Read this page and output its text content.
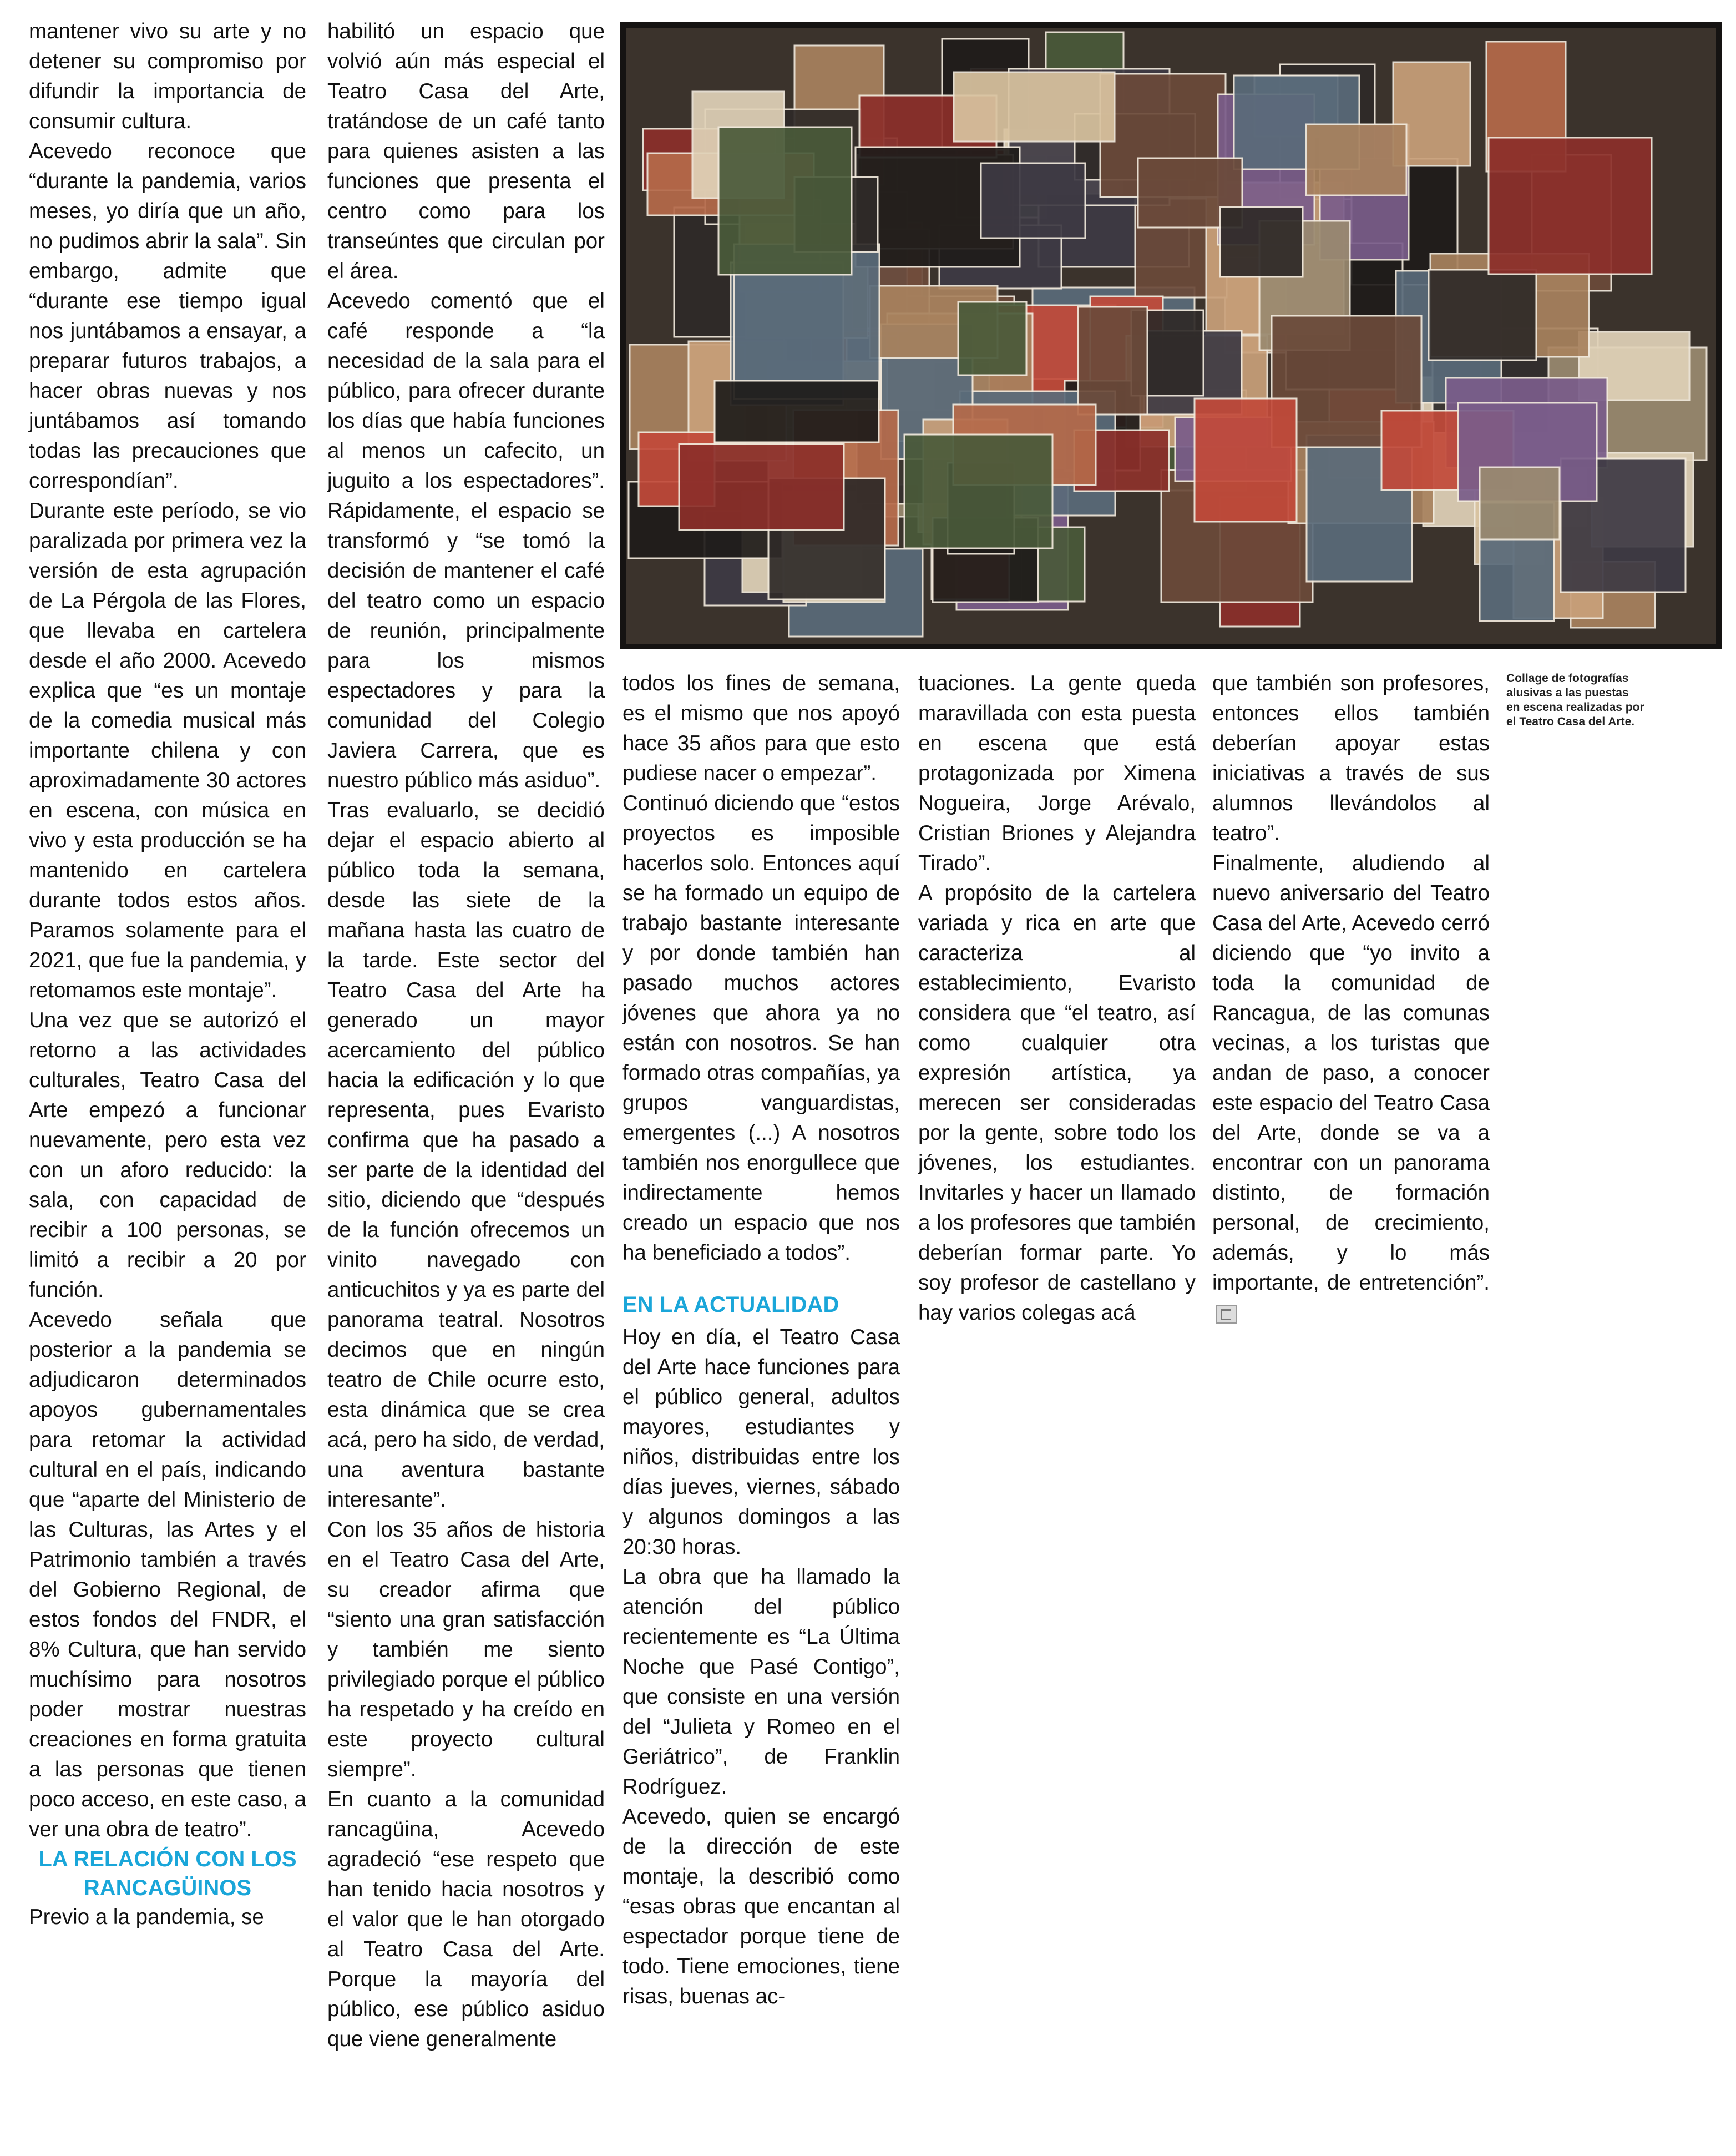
mantener vivo su arte y no detener su compromiso por difundir la importancia de consumir cultura.

Acevedo reconoce que “durante la pandemia, varios meses, yo diría que un año, no pudimos abrir la sala”. Sin embargo, admite que “durante ese tiempo igual nos juntábamos a ensayar, a preparar futuros trabajos, a hacer obras nuevas y nos juntábamos así tomando todas las precauciones que correspondían”.

Durante este período, se vio paralizada por primera vez la versión de esta agrupación de La Pérgola de las Flores, que llevaba en cartelera desde el año 2000. Acevedo explica que “es un montaje de la comedia musical más importante chilena y con aproximadamente 30 actores en escena, con música en vivo y esta producción se ha mantenido en cartelera durante todos estos años. Paramos solamente para el 2021, que fue la pandemia, y retomamos este montaje”.

Una vez que se autorizó el retorno a las actividades culturales, Teatro Casa del Arte empezó a funcionar nuevamente, pero esta vez con un aforo reducido: la sala, con capacidad de recibir a 100 personas, se limitó a recibir a 20 por función.

Acevedo señala que posterior a la pandemia se adjudicaron determinados apoyos gubernamentales para retomar la actividad cultural en el país, indicando que “aparte del Ministerio de las Culturas, las Artes y el Patrimonio también a través del Gobierno Regional, de estos fondos del FNDR, el 8% Cultura, que han servido muchísimo para nosotros poder mostrar nuestras creaciones en forma gratuita a las personas que tienen poco acceso, en este caso, a ver una obra de teatro”.

LA RELACIÓN CON LOS RANCAGÜINOS

Previo a la pandemia, se

habilitó un espacio que volvió aún más especial el Teatro Casa del Arte, tratándose de un café tanto para quienes asisten a las funciones que presenta el centro como para los transeúntes que circulan por el área.

Acevedo comentó que el café responde a “la necesidad de la sala para el público, para ofrecer durante los días que había funciones al menos un cafecito, un juguito a los espectadores”. Rápidamente, el espacio se transformó y “se tomó la decisión de mantener el café del teatro como un espacio de reunión, principalmente para los mismos espectadores y para la comunidad del Colegio Javiera Carrera, que es nuestro público más asiduo”.

Tras evaluarlo, se decidió dejar el espacio abierto al público toda la semana, desde las siete de la mañana hasta las cuatro de la tarde. Este sector del Teatro Casa del Arte ha generado un mayor acercamiento del público hacia la edificación y lo que representa, pues Evaristo confirma que ha pasado a ser parte de la identidad del sitio, diciendo que “después de la función ofrecemos un vinito navegado con anticuchitos y ya es parte del panorama teatral. Nosotros decimos que en ningún teatro de Chile ocurre esto, esta dinámica que se crea acá, pero ha sido, de verdad, una aventura bastante interesante”.

Con los 35 años de historia en el Teatro Casa del Arte, su creador afirma que “siento una gran satisfacción y también me siento privilegiado porque el público ha respetado y ha creído en este proyecto cultural siempre”.

En cuanto a la comunidad rancagüina, Acevedo agradeció “ese respeto que han tenido hacia nosotros y el valor que le han otorgado al Teatro Casa del Arte. Porque la mayoría del público, ese público asiduo que viene generalmente

Collage de fotografías alusivas a las puestas en escena realizadas por el Teatro Casa del Arte.

todos los fines de semana, es el mismo que nos apoyó hace 35 años para que esto pudiese nacer o empezar”.

Continuó diciendo que “estos proyectos es imposible hacerlos solo. Entonces aquí se ha formado un equipo de trabajo bastante interesante y por donde también han pasado muchos actores jóvenes que ahora ya no están con nosotros. Se han formado otras compañías, ya grupos vanguardistas, emergentes (...) A nosotros también nos enorgullece que indirectamente hemos creado un espacio que nos ha beneficiado a todos”.

EN LA ACTUALIDAD

Hoy en día, el Teatro Casa del Arte hace funciones para el público general, adultos mayores, estudiantes y niños, distribuidas entre los días jueves, viernes, sábado y algunos domingos a las 20:30 horas.

La obra que ha llamado la atención del público recientemente es “La Última Noche que Pasé Contigo”, que consiste en una versión del “Julieta y Romeo en el Geriátrico”, de Franklin Rodríguez.

Acevedo, quien se encargó de la dirección de este montaje, la describió como “esas obras que encantan al espectador porque tiene de todo. Tiene emociones, tiene risas, buenas ac-

tuaciones. La gente queda maravillada con esta puesta en escena que está protagonizada por Ximena Nogueira, Jorge Arévalo, Cristian Briones y Alejandra Tirado”.

A propósito de la cartelera variada y rica en arte que caracteriza al establecimiento, Evaristo considera que “el teatro, así como cualquier otra expresión artística, ya merecen ser consideradas por la gente, sobre todo los jóvenes, los estudiantes. Invitarles y hacer un llamado a los profesores que también deberían formar parte. Yo soy profesor de castellano y hay varios colegas acá

que también son profesores, entonces ellos también deberían apoyar estas iniciativas a través de sus alumnos llevándolos al teatro”.

Finalmente, aludiendo al nuevo aniversario del Teatro Casa del Arte, Acevedo cerró diciendo que “yo invito a toda la comunidad de Rancagua, de las comunas vecinas, a los turistas que andan de paso, a conocer este espacio del Teatro Casa del Arte, donde se va a encontrar con un panorama distinto, de formación personal, de crecimiento, además, y lo más importante, de entretención”.
